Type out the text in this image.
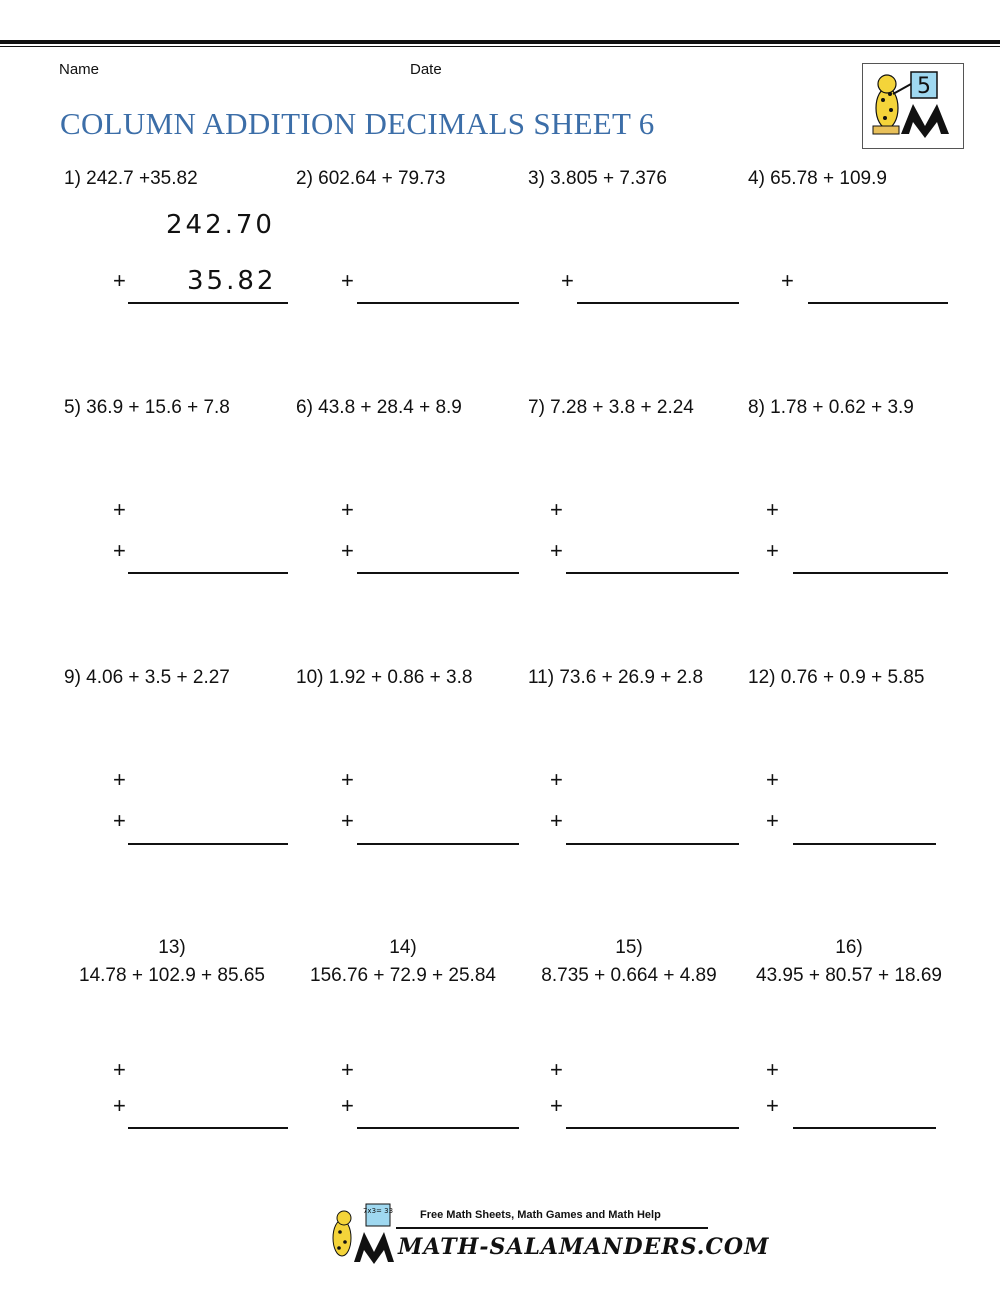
Name	Date
COLUMN ADDITION DECIMALS SHEET 6
5
1) 242.7 +35.82	2) 602.64 + 79.73	3) 3.805 + 7.376	4) 65.78 + 109.9
242.70
35.82
+	+	+	+
5) 36.9 + 15.6 + 7.8	6) 43.8 + 28.4 + 8.9	7) 7.28 + 3.8 + 2.24	8) 1.78 + 0.62 + 3.9
+
+
+
+
+
+
+
+
9) 4.06 + 3.5 + 2.27	10) 1.92 + 0.86 + 3.8	11) 73.6 + 26.9 + 2.8 12) 0.76 + 0.9 + 5.85
+
+
+
+
+
+
+
+
13)
14.78 + 102.9 + 85.65
14)
156.76 + 72.9 + 25.84
15)
8.735 + 0.664 + 4.89
16)
43.95 + 80.57 + 18.69
+
+
+
+
+
+
+
+
7x3= 33 Free Math Sheets, Math Games and Math Help
MATH-SALAMANDERS.COM
